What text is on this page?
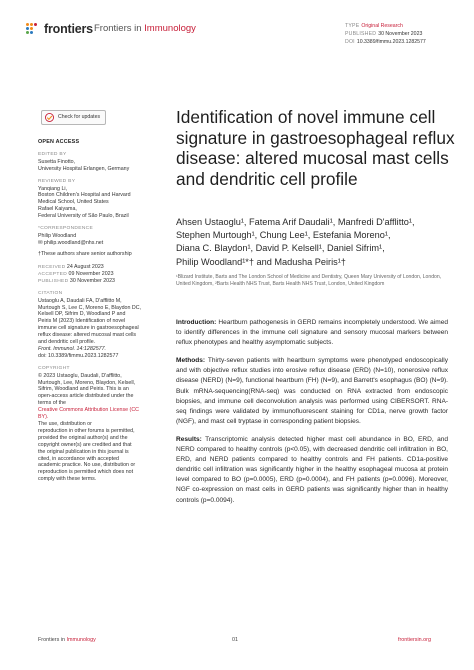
frontiers Frontiers in Immunology	TYPE Original Research
PUBLISHED 30 November 2023
DOI 10.3389/fimmu.2023.1282577
Check for updates
OPEN ACCESS
EDITED BY
Susetta Finotto,
University Hospital Erlangen, Germany
REVIEWED BY
Yanqiang Li,
Boston Children's Hospital and Harvard
Medical School, United States
Rafael Kaiyama,
Federal University of São Paulo, Brazil
*CORRESPONDENCE
Philip Woodland
✉ philip.woodland@nhs.net
†These authors share senior authorship
RECEIVED 24 August 2023
ACCEPTED 09 November 2023
PUBLISHED 30 November 2023
CITATION
Ustaoglu A, Daudali FA, D'afflitto M,
Murtough S, Lee C, Moreno E, Blaydon DC,
Kelsell DP, Sifrim D, Woodland P and
Peiris M (2023) Identification of novel
immune cell signature in gastroesophageal
reflux disease: altered mucosal mast cells
and dendritic cell profile.
Front. Immunol. 14:1282577.
doi: 10.3389/fimmu.2023.1282577
COPYRIGHT
© 2023 Ustaoglu, Daudali, D'afflitto,
Murtough, Lee, Moreno, Blaydon, Kelsell,
Sifrim, Woodland and Peiris. This is an
open-access article distributed under the terms of the
Creative Commons Attribution License (CC BY).
The use, distribution or
reproduction in other forums is permitted,
provided the original author(s) and the
copyright owner(s) are credited and that
the original publication in this journal is
cited, in accordance with accepted
academic practice. No use, distribution or
reproduction is permitted which does not
comply with these terms.
Identification of novel immune cell signature in gastroesophageal reflux disease: altered mucosal mast cells and dendritic cell profile
Ahsen Ustaoglu¹, Fatema Arif Daudali¹, Manfredi D'afflitto¹,
Stephen Murtough¹, Chung Lee¹, Estefania Moreno¹,
Diana C. Blaydon¹, David P. Kelsell¹, Daniel Sifrim¹,
Philip Woodland¹*† and Madusha Peiris¹†
¹Blizard Institute, Barts and The London School of Medicine and Dentistry, Queen Mary University of London, London, United Kingdom, ²Barts Health NHS Trust, Barts Health NHS Trust, London, United Kingdom

Introduction: Heartburn pathogenesis in GERD remains incompletely understood. We aimed to identify differences in the immune cell signature and sensory mucosal markers between reflux phenotypes and healthy asymptomatic subjects.

Methods: Thirty-seven patients with heartburn symptoms were phenotyped endoscopically and with objective reflux studies into erosive reflux disease (ERD) (N=10), nonerosive reflux disease (NERD) (N=9), functional heartburn (FH) (N=9), and Barrett's esophagus (BO) (N=9). Bulk mRNA-sequencing(RNA-seq) was conducted on RNA extracted from endoscopic biopsies, and immune cell deconvolution analysis was performed using CIBERSORT. RNA-seq findings were validated by immunofluorescent staining for CD1a, nerve growth factor (NGF), and mast cell tryptase in corresponding patient biopsies.

Results: Transcriptomic analysis detected higher mast cell abundance in BO, ERD, and NERD compared to healthy controls (p<0.05), with decreased dendritic cell infiltration in BO, ERD, and NERD patients compared to healthy controls and FH patients. CD1a-positive dendritic cell infiltration was significantly higher in the healthy esophageal mucosa at protein level compared to BO (p=0.0005), ERD (p=0.0004), and FH patients (p=0.0096). Moreover, NGF co-expression on mast cells in GERD patients was significantly higher than in healthy controls (p=0.0094).

Frontiers in Immunology	01	frontiersin.org
